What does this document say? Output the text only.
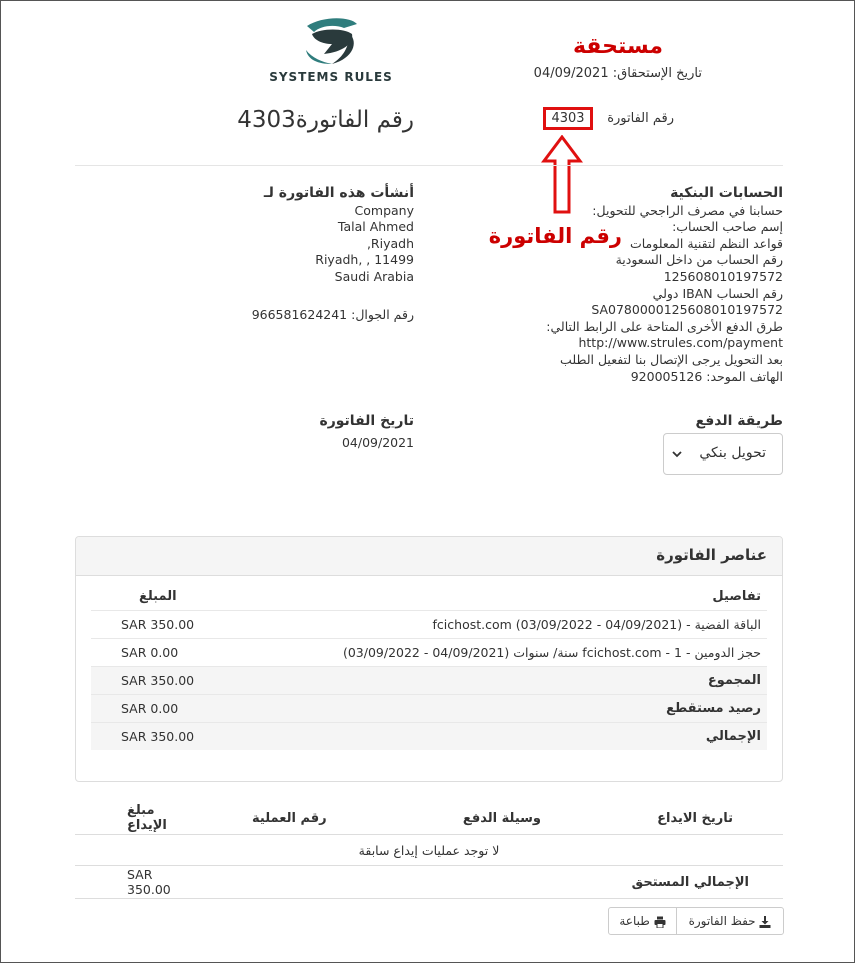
SYSTEMS RULES
مستحقة
تاريخ الإستحقاق: 04/09/2021
رقم الفاتورة4303	رقم الفاتورة
4303
الحسابات البنكية
حسابنا في مصرف الراجحي للتحويل:
إسم صاحب الحساب:
قواعد النظم لتقنية المعلومات
رقم الحساب من داخل السعودية
125608010197572
رقم الحساب IBAN دولي
SA0780000125608010197572
طرق الدفع الأخرى المتاحة على الرابط التالي:
http://www.strules.com/payment
بعد التحويل يرجى الإتصال بنا لتفعيل الطلب
الهاتف الموحد: 920005126
رقم الفاتورة
أنشأت هذه الفاتورة لـ
Company
Talal Ahmed
,Riyadh
Riyadh, , 11499
Saudi Arabia
رقم الجوال: 966581624241
طريقة الدفع
تحويل بنكي
تاريخ الفاتورة
04/09/2021
عناصر الفاتورة
المبلغ	تفاصيل
SAR 350.00	الباقة الفضية - (04/09/2021 - 03/09/2022) fcichost.com
SAR 0.00	حجز الدومين - 1 - fcichost.com سنة/ سنوات (04/09/2021 - 03/09/2022)
SAR 350.00	المجموع
SAR 0.00	رصيد مستقطع
SAR 350.00	الإجمالي
مبلغ الإيداع	رقم العملية	وسيلة الدفع	تاريخ الايداع
لا توجد عمليات إيداع سابقة			
SAR 350.00	الإجمالي المستحق		
حفظ الفاتورة
طباعة
